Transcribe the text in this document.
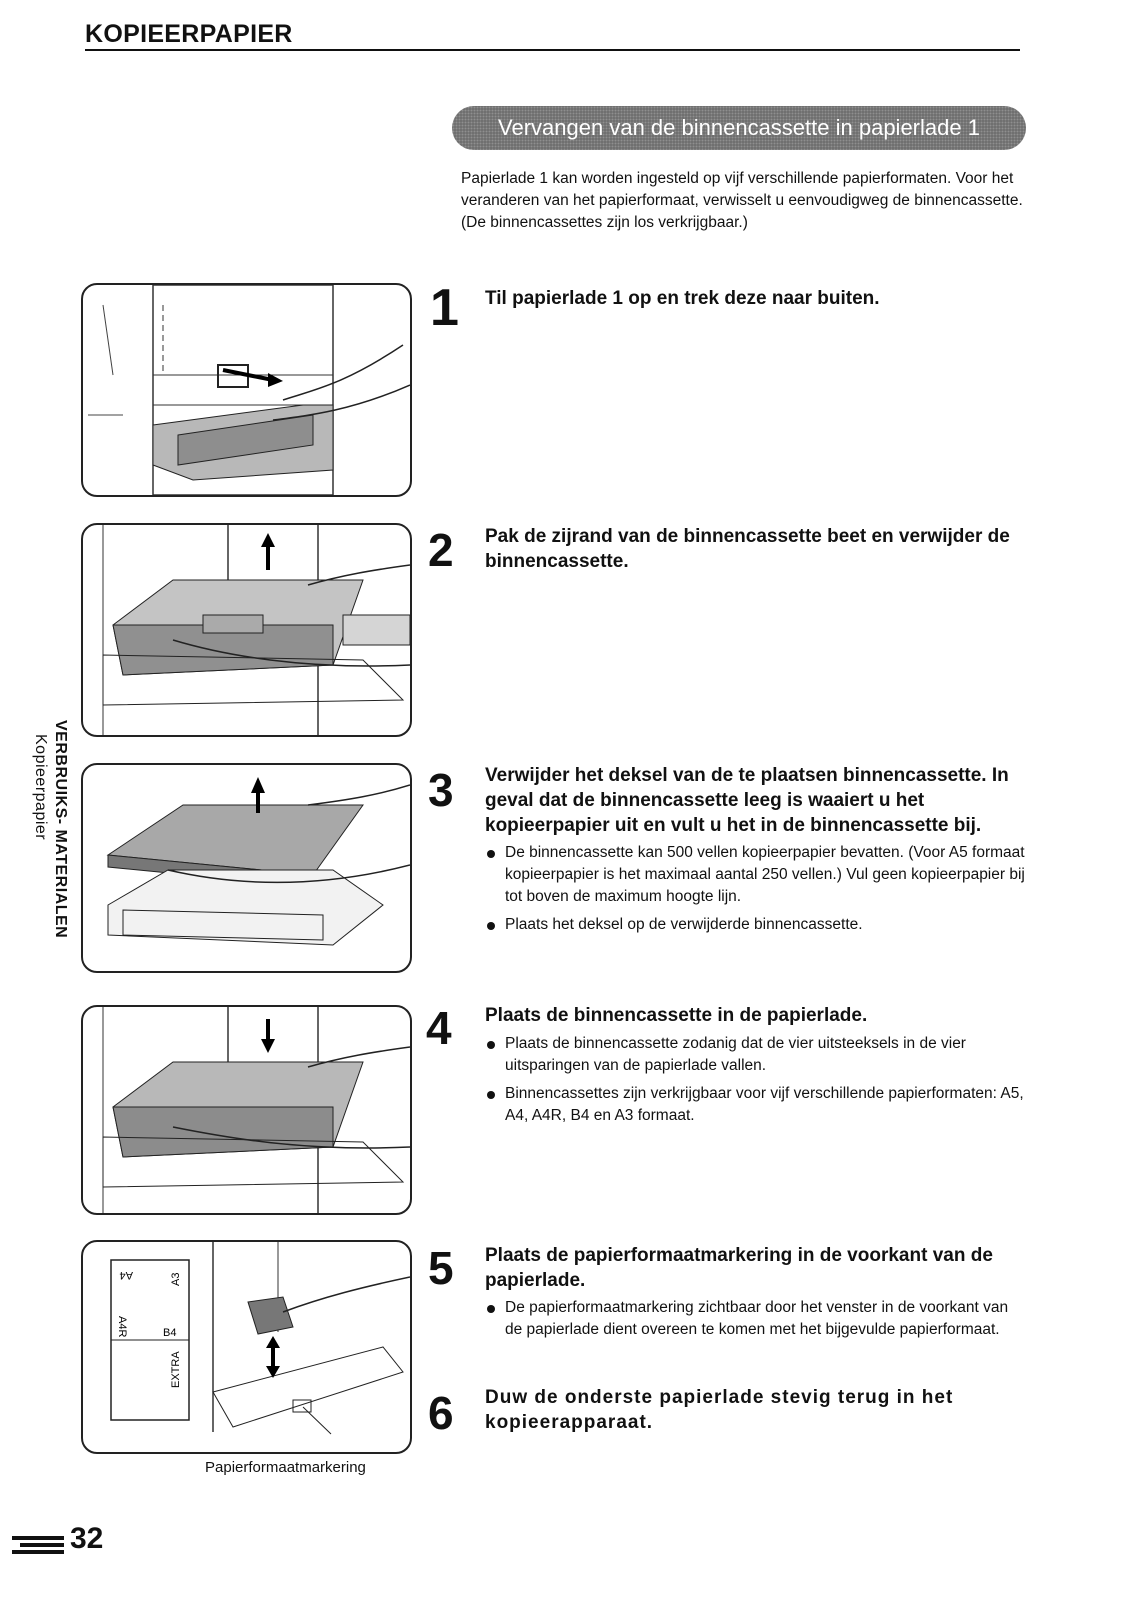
KOPIEERPAPIER
Vervangen van de binnencassette in papierlade 1
Papierlade 1 kan worden ingesteld op vijf verschillende papierformaten. Voor het veranderen van het papierformaat, verwisselt u eenvoudigweg de binnencassette. (De binnencassettes zijn los verkrijgbaar.)
A4	A3
A4R	B4
EXTRA
Papierformaatmarkering
1 Til papierlade 1 op en trek deze naar buiten.
2 Pak de zijrand van de binnencassette beet en verwijder de binnencassette.
3 Verwijder het deksel van de te plaatsen binnencassette. In geval dat de binnencassette leeg is waaiert u het kopieerpapier uit en vult u het in de binnencassette bij.
De binnencassette kan 500 vellen kopieerpapier bevatten. (Voor A5 formaat kopieerpapier is het maximaal aantal 250 vellen.) Vul geen kopieerpapier bij tot boven de maximum hoogte lijn.
Plaats het deksel op de verwijderde binnencassette.
4 Plaats de binnencassette in de papierlade.
Plaats de binnencassette zodanig dat de vier uitsteeksels in de vier uitsparingen van de papierlade vallen.
Binnencassettes zijn verkrijgbaar voor vijf verschillende papierformaten: A5, A4, A4R, B4 en A3 formaat.
5 Plaats de papierformaatmarkering in de voorkant van de papierlade.
De papierformaatmarkering zichtbaar door het venster in de voorkant van de papierlade dient overeen te komen met het bijgevulde papierformaat.
6 Duw de onderste papierlade stevig terug in het kopieerapparaat.
VERBRUIKS- MATERIALEN
Kopieerpapier
32
